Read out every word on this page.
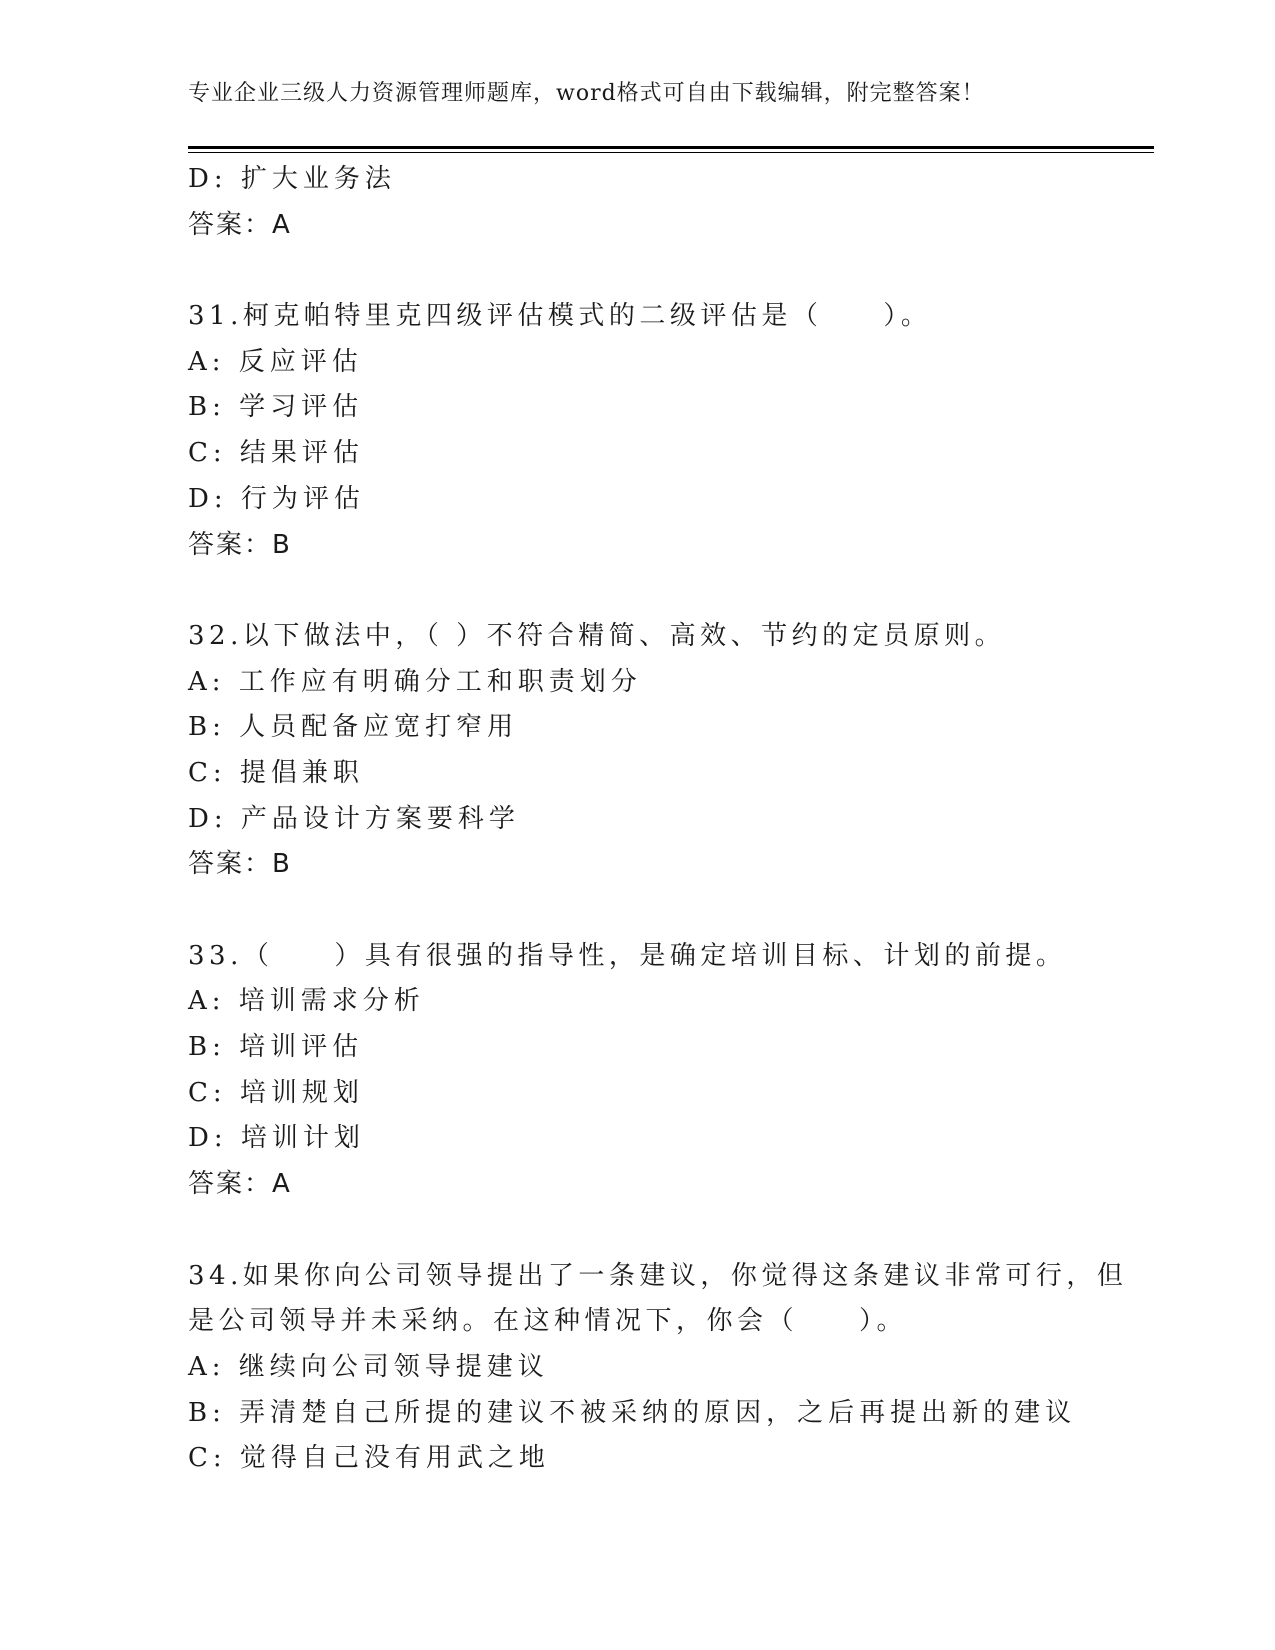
专业企业三级人力资源管理师题库，word格式可自由下载编辑，附完整答案！
D: 扩大业务法
答案：A
31.柯克帕特里克四级评估模式的二级评估是（　　）。
A: 反应评估
B: 学习评估
C: 结果评估
D: 行为评估
答案：B
32.以下做法中，（ ）不符合精简、高效、节约的定员原则。
A: 工作应有明确分工和职责划分
B: 人员配备应宽打窄用
C: 提倡兼职
D: 产品设计方案要科学
答案：B
33.（　　）具有很强的指导性，是确定培训目标、计划的前提。
A: 培训需求分析
B: 培训评估
C: 培训规划
D: 培训计划
答案：A
34.如果你向公司领导提出了一条建议，你觉得这条建议非常可行，但
是公司领导并未采纳。在这种情况下，你会（　　）。
A: 继续向公司领导提建议
B: 弄清楚自己所提的建议不被采纳的原因，之后再提出新的建议
C: 觉得自己没有用武之地
